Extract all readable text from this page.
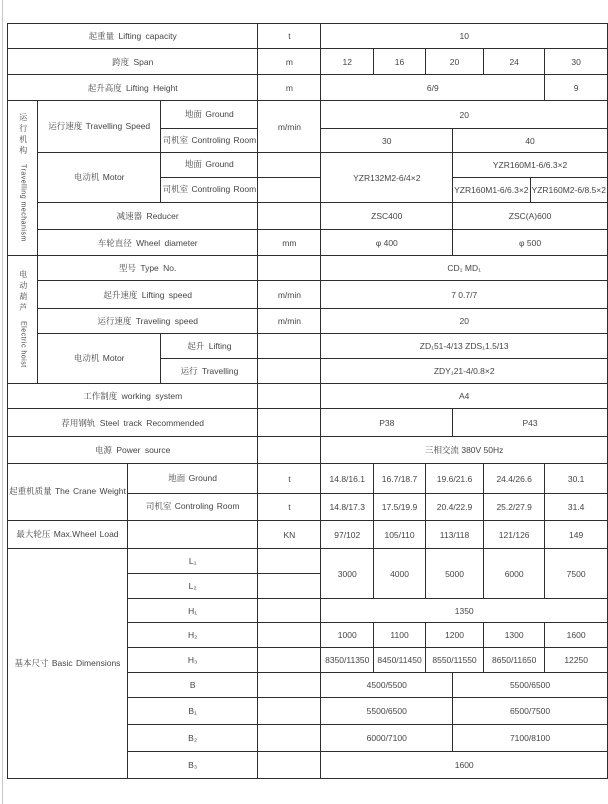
起重量 Lifting capacity				t	10						
跨度 Span				m	12	16	20		24		30
起升高度 Lifting Height				m	6/9						9
运行机构Travelling mechanism	运行速度 Travelling Speed		地面 Ground	m/min	20						
			司机室 Controling Room		30			40			
	电动机 Motor		地面 Ground		YZR132M2-6/4×2			YZR160M1-6/6.3×2			
			司机室 Controling Room					YZR160M1-6/6.3×2		YZR160M2-6/8.5×2	
	减速器 Reducer				ZSC400			ZSC(A)600			
	车轮直径 Wheel diameter			mm	φ 400			φ 500			
电动葫芦Electric hoist	型号 Type No.				CD₁ MD₁						
	起升速度 Lifting speed			m/min	7 0.7/7						
	运行速度 Traveling speed			m/min	20						
	电动机 Motor		起升 Lifting		ZD₁51-4/13 ZDS₁1.5/13						
			运行 Travelling		ZDY₁21-4/0.8×2						
工作制度 working system					A4						
荐用钢轨 Steel track Recommended					P38			P43			
电源 Power source					三相交流 380V 50Hz						
起重机质量 The Crane Weight		地面 Ground		t	14.8/16.1	16.7/18.7	19.6/21.6		24.4/26.6		30.1
		司机室 Controling Room		t	14.8/17.3	17.5/19.9	20.4/22.9		25.2/27.9		31.4
最大轮压 Max.Wheel Load				KN	97/102	105/110	113/118		121/126		149
基本尺寸 Basic Dimensions		L₁			3000	4000	5000		6000		7500
		L₂									
		H₁			1350						
		H₂			1000	1100	1200		1300		1600
		H₃			8350/11350	8450/11450	8550/11550		8650/11650		12250
		B			4500/5500			5500/6500			
		B₁			5500/6500			6500/7500			
		B₂			6000/7100			7100/8100			
		B₃			1600						
